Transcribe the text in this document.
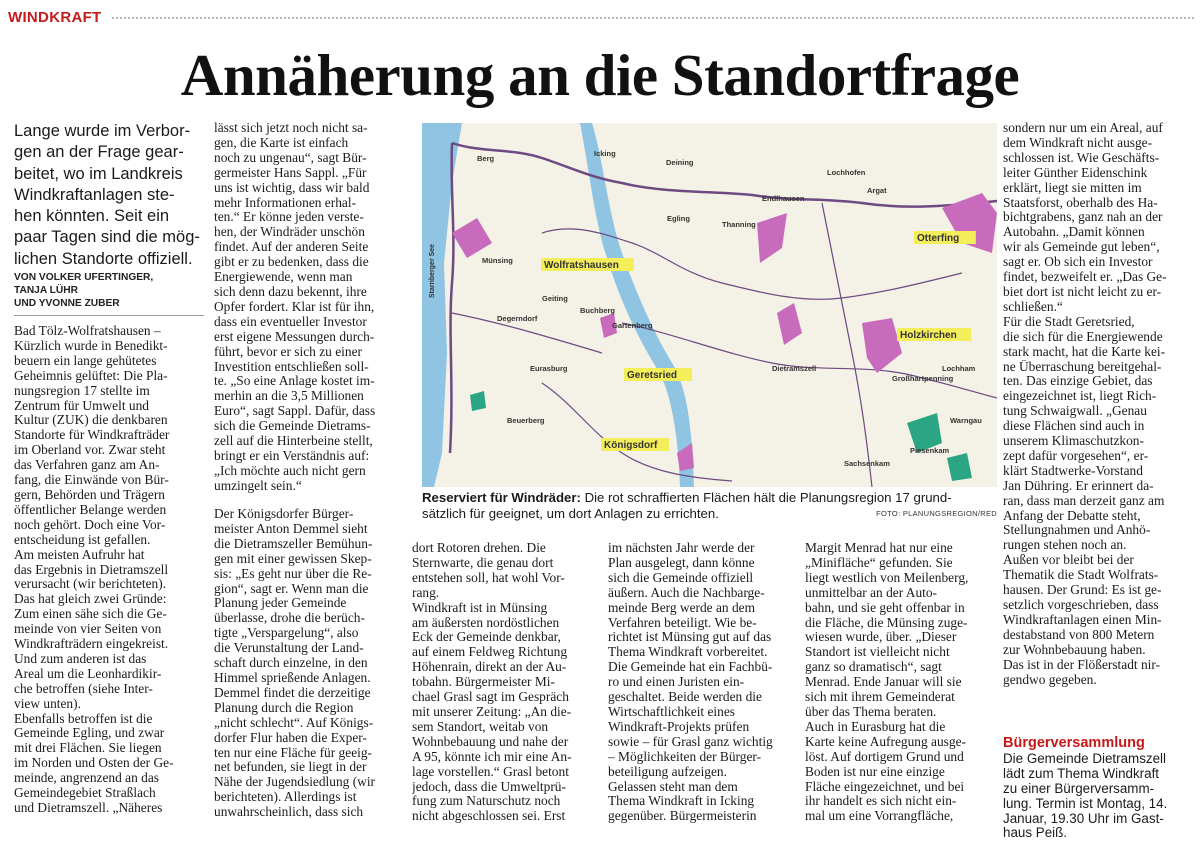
WINDKRAFT
Annäherung an die Standortfrage
Lange wurde im Verbor-
gen an der Frage gear-
beitet, wo im Landkreis
Windkraftanlagen ste-
hen könnten. Seit ein
paar Tagen sind die mög-
lichen Standorte offiziell.
VON VOLKER UFERTINGER,
TANJA LÜHR
UND YVONNE ZUBER
Bad Tölz-Wolfratshausen –
Kürzlich wurde in Benedikt-
beuern ein lange gehütetes
Geheimnis gelüftet: Die Pla-
nungsregion 17 stellte im
Zentrum für Umwelt und
Kultur (ZUK) die denkbaren
Standorte für Windkrafträder
im Oberland vor. Zwar steht
das Verfahren ganz am An-
fang, die Einwände von Bür-
gern, Behörden und Trägern
öffentlicher Belange werden
noch gehört. Doch eine Vor-
entscheidung ist gefallen.
Am meisten Aufruhr hat
das Ergebnis in Dietramszell
verursacht (wir berichteten).
Das hat gleich zwei Gründe:
Zum einen sähe sich die Ge-
meinde von vier Seiten von
Windkrafträdern eingekreist.
Und zum anderen ist das
Areal um die Leonhardikir-
che betroffen (siehe Inter-
view unten).
Ebenfalls betroffen ist die
Gemeinde Egling, und zwar
mit drei Flächen. Sie liegen
im Norden und Osten der Ge-
meinde, angrenzend an das
Gemeindegebiet Straßlach
und Dietramszell. „Näheres
lässt sich jetzt noch nicht sa-
gen, die Karte ist einfach
noch zu ungenau“, sagt Bür-
germeister Hans Sappl. „Für
uns ist wichtig, dass wir bald
mehr Informationen erhal-
ten.“ Er könne jeden verste-
hen, der Windräder unschön
findet. Auf der anderen Seite
gibt er zu bedenken, dass die
Energiewende, wenn man
sich denn dazu bekennt, ihre
Opfer fordert. Klar ist für ihn,
dass ein eventueller Investor
erst eigene Messungen durch-
führt, bevor er sich zu einer
Investition entschließen soll-
te. „So eine Anlage kostet im-
merhin an die 3,5 Millionen
Euro“, sagt Sappl. Dafür, dass
sich die Gemeinde Dietrams-
zell auf die Hinterbeine stellt,
bringt er ein Verständnis auf:
„Ich möchte auch nicht gern
umzingelt sein.“
Der Königsdorfer Bürger-
meister Anton Demmel sieht
die Dietramszeller Bemühun-
gen mit einer gewissen Skep-
sis: „Es geht nur über die Re-
gion“, sagt er. Wenn man die
Planung jeder Gemeinde
überlasse, drohe die berüch-
tigte „Verspargelung“, also
die Verunstaltung der Land-
schaft durch einzelne, in den
Himmel sprießende Anlagen.
Demmel findet die derzeitige
Planung durch die Region
„nicht schlecht“. Auf Königs-
dorfer Flur haben die Exper-
ten nur eine Fläche für geeig-
net befunden, sie liegt in der
Nähe der Jugendsiedlung (wir
berichteten). Allerdings ist
unwahrscheinlich, dass sich
dort Rotoren drehen. Die
Sternwarte, die genau dort
entstehen soll, hat wohl Vor-
rang.
Windkraft ist in Münsing
am äußersten nordöstlichen
Eck der Gemeinde denkbar,
auf einem Feldweg Richtung
Höhenrain, direkt an der Au-
tobahn. Bürgermeister Mi-
chael Grasl sagt im Gespräch
mit unserer Zeitung: „An die-
sem Standort, weitab von
Wohnbebauung und nahe der
A 95, könnte ich mir eine An-
lage vorstellen.“ Grasl betont
jedoch, dass die Umweltprü-
fung zum Naturschutz noch
nicht abgeschlossen sei. Erst
im nächsten Jahr werde der
Plan ausgelegt, dann könne
sich die Gemeinde offiziell
äußern. Auch die Nachbarge-
meinde Berg werde an dem
Verfahren beteiligt. Wie be-
richtet ist Münsing gut auf das
Thema Windkraft vorbereitet.
Die Gemeinde hat ein Fachbü-
ro und einen Juristen ein-
geschaltet. Beide werden die
Wirtschaftlichkeit eines
Windkraft-Projekts prüfen
sowie – für Grasl ganz wichtig
– Möglichkeiten der Bürger-
beteiligung aufzeigen.
Gelassen steht man dem
Thema Windkraft in Icking
gegenüber. Bürgermeisterin
Margit Menrad hat nur eine
„Minifläche“ gefunden. Sie
liegt westlich von Meilenberg,
unmittelbar an der Auto-
bahn, und sie geht offenbar in
die Fläche, die Münsing zuge-
wiesen wurde, über. „Dieser
Standort ist vielleicht nicht
ganz so dramatisch“, sagt
Menrad. Ende Januar will sie
sich mit ihrem Gemeinderat
über das Thema beraten.
Auch in Eurasburg hat die
Karte keine Aufregung ausge-
löst. Auf dortigem Grund und
Boden ist nur eine einzige
Fläche eingezeichnet, und bei
ihr handelt es sich nicht ein-
mal um eine Vorrangfläche,
sondern nur um ein Areal, auf
dem Windkraft nicht ausge-
schlossen ist. Wie Geschäfts-
leiter Günther Eidenschink
erklärt, liegt sie mitten im
Staatsforst, oberhalb des Ha-
bichtgrabens, ganz nah an der
Autobahn. „Damit können
wir als Gemeinde gut leben“,
sagt er. Ob sich ein Investor
findet, bezweifelt er. „Das Ge-
biet dort ist nicht leicht zu er-
schließen.“
Für die Stadt Geretsried,
die sich für die Energiewende
stark macht, hat die Karte kei-
ne Überraschung bereitgehal-
ten. Das einzige Gebiet, das
eingezeichnet ist, liegt Rich-
tung Schwaigwall. „Genau
diese Flächen sind auch in
unserem Klimaschutzkon-
zept dafür vorgesehen“, er-
klärt Stadtwerke-Vorstand
Jan Dühring. Er erinnert da-
ran, dass man derzeit ganz am
Anfang der Debatte steht,
Stellungnahmen und Anhö-
rungen stehen noch an.
Außen vor bleibt bei der
Thematik die Stadt Wolfrats-
hausen. Der Grund: Es ist ge-
setzlich vorgeschrieben, dass
Windkraftanlagen einen Min-
destabstand von 800 Metern
zur Wohnbebauung haben.
Das ist in der Flößerstadt nir-
gendwo gegeben.
Bürgerversammlung
Die Gemeinde Dietramszell
lädt zum Thema Windkraft
zu einer Bürgerversamm-
lung. Termin ist Montag, 14.
Januar, 19.30 Uhr im Gast-
haus Peiß.
Berg
Icking
Deining
Lochhofen
Argat
Endlhausen
Egling
Thanning
Otterfing
Münsing	Wolfratshausen
Geiting
Buchberg
Gartenberg
Degerndorf
Holzkirchen
Dietramszell
Eurasburg
Geretsried	Großhartpenning
Lochham
Beuerberg
Königsdorf
Sachsenkam
Warngau
Piesenkam
Starnberger See
Reserviert für Windräder: Die rot schraffierten Flächen hält die Planungsregion 17 grund-
sätzlich für geeignet, um dort Anlagen zu errichten.	FOTO: PLANUNGSREGION/RED
